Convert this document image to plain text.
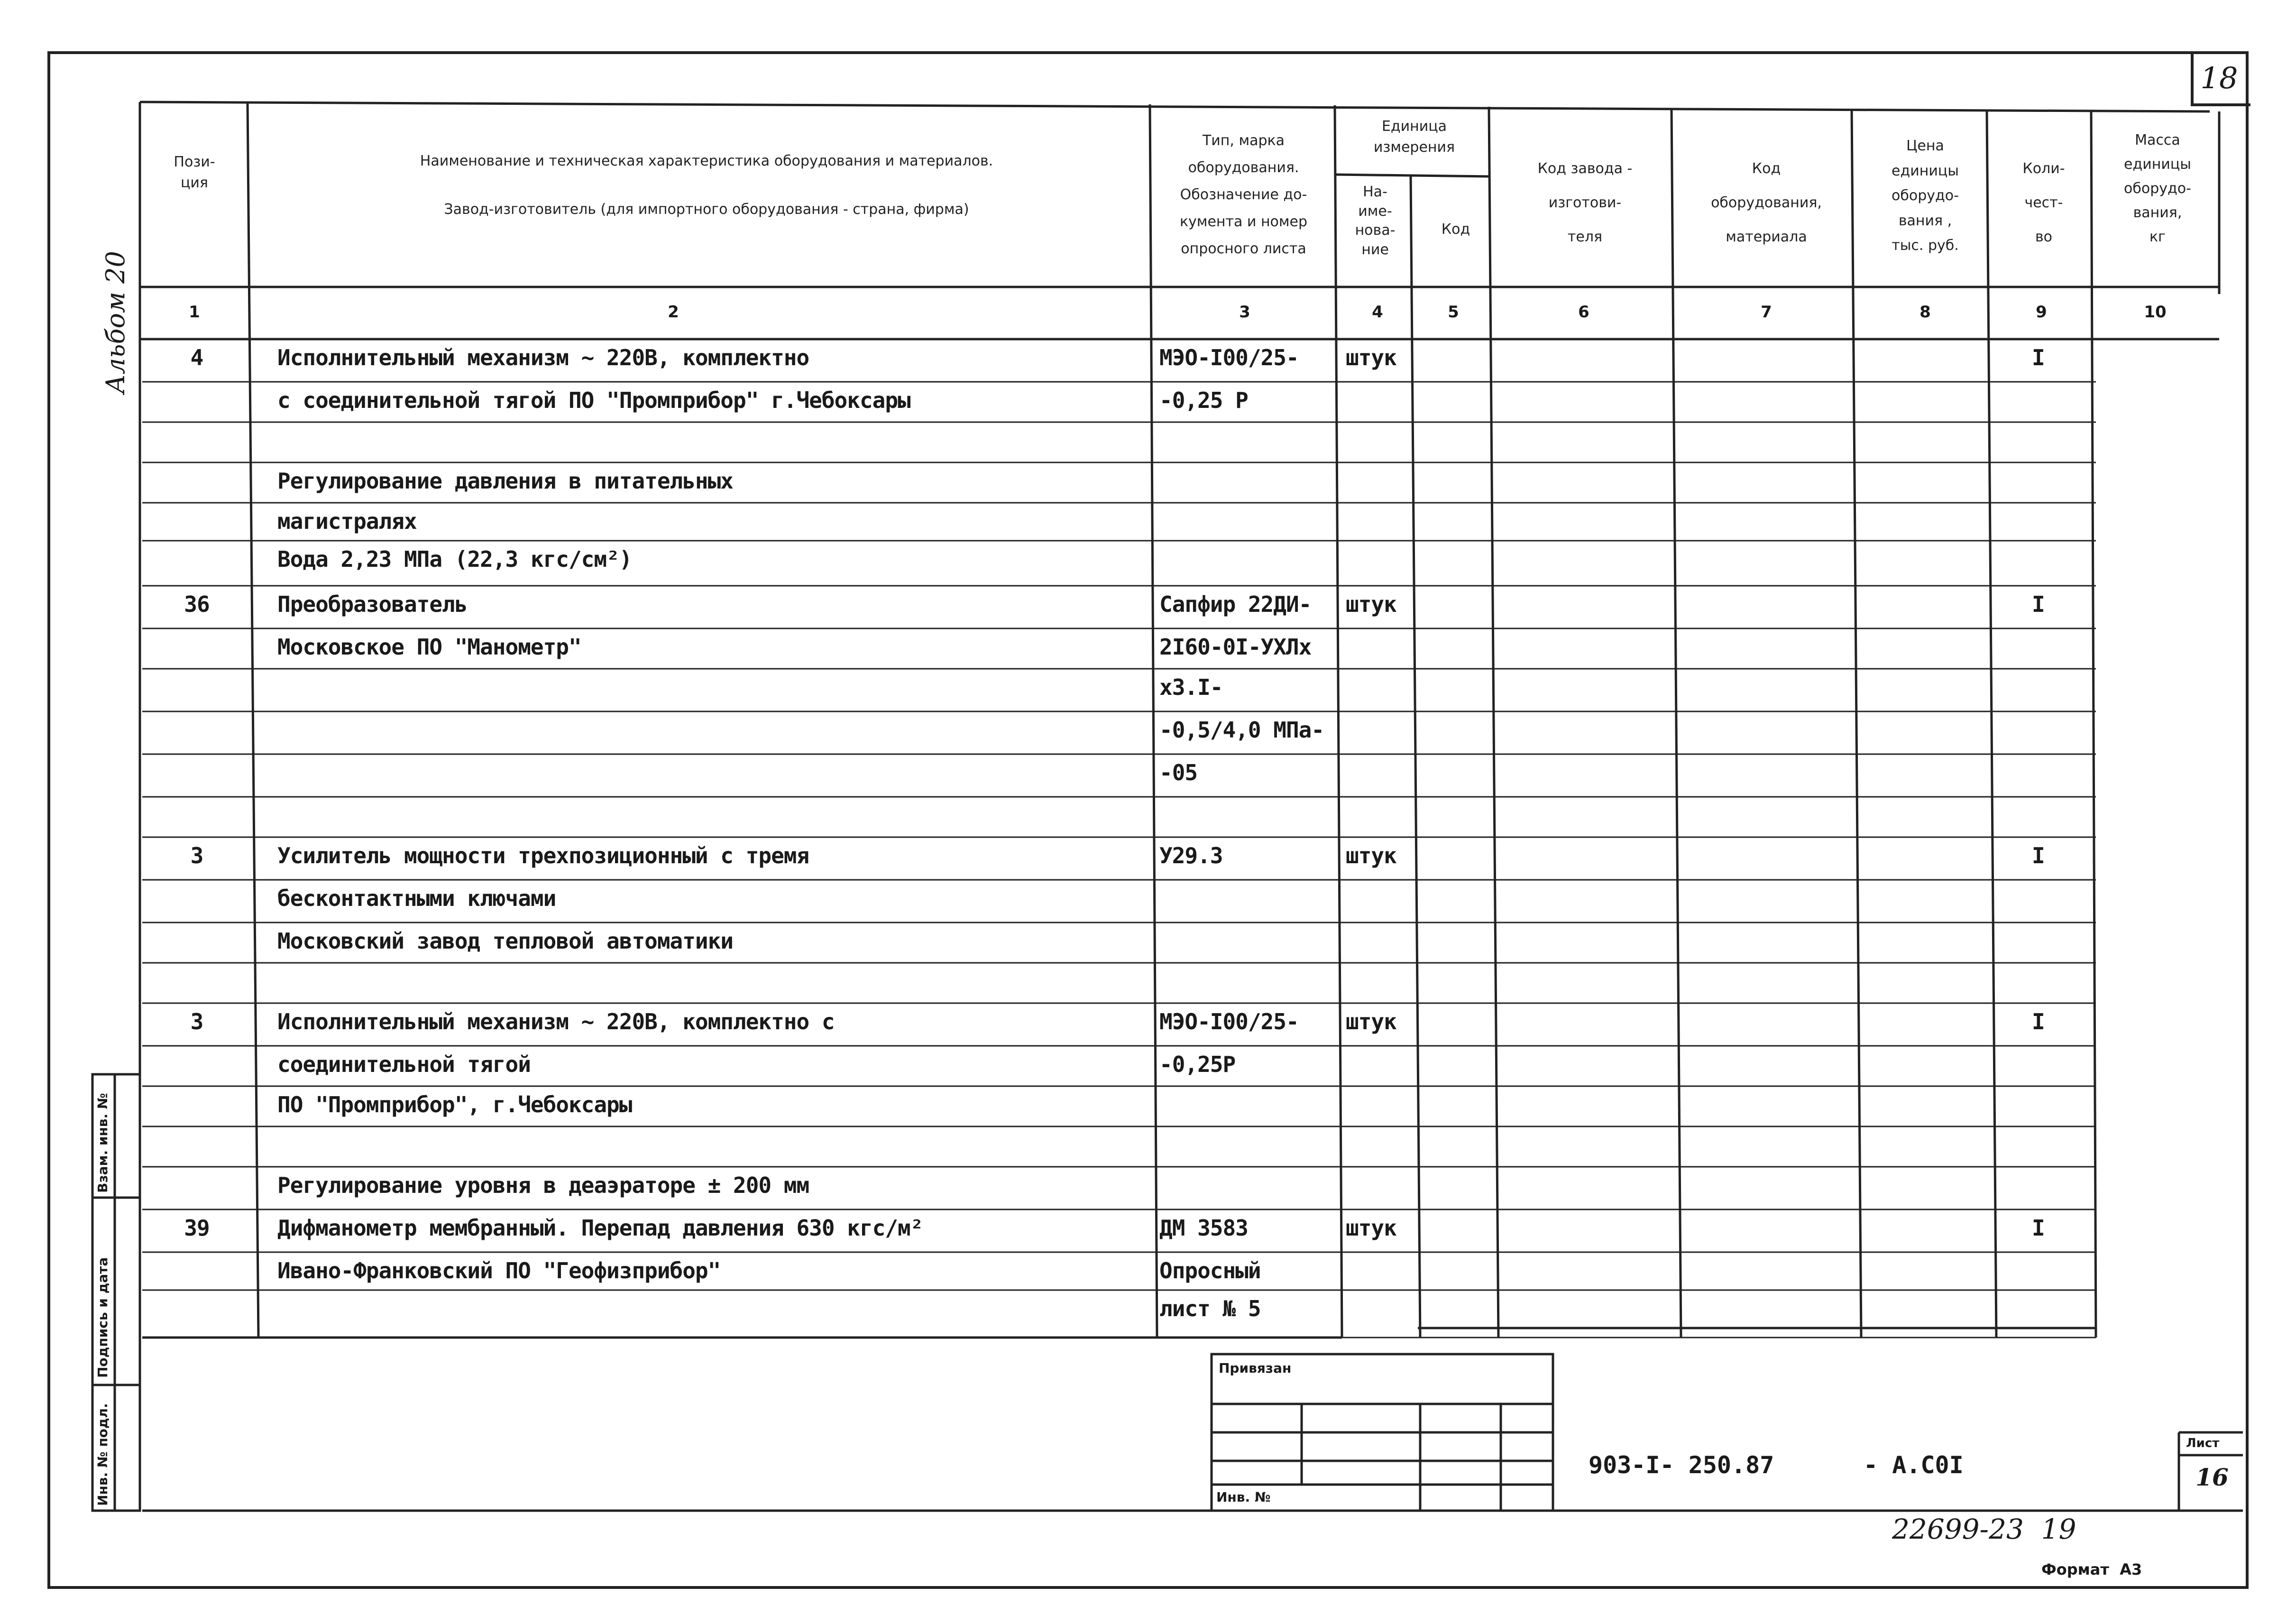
18
Альбом 20
Пози-
ция
Наименование и техническая характеристика оборудования и материалов.
Завод-изготовитель (для импортного оборудования - страна, фирма)
Тип, марка
оборудования.
Обозначение до-
кумента и номер
опросного листа
Единица
измерения
На-
име-
нова-
ние
Код
Код завода -
изготови-
теля
Код
оборудования,
материала
Цена
единицы
оборудо-
вания ,
тыс. руб.
Коли-
чест-
во
Масса
единицы
оборудо-
вания,
кг
1	2	3	4	5	6	7	8	9	10
4	Исполнительный механизм ~ 220В, комплектно	МЭО-I00/25- штук	I
с соединительной тягой ПО "Промприбор" г.Чебоксары	-0,25 Р
Регулирование давления в питательных
магистралях
Вода 2,23 МПа (22,3 кгс/см²)
36	Преобразователь	Сапфир 22ДИ- штук	I
Московское ПО "Манометр"	2I60-0I-УХЛх
х3.I-
-0,5/4,0 МПа-
-05
3	Усилитель мощности трехпозиционный с тремя	У29.3	штук	I
бесконтактными ключами
Московский завод тепловой автоматики
3	Исполнительный механизм ~ 220В, комплектно с	МЭО-I00/25- штук	I
соединительной тягой	-0,25Р
ПО "Промприбор", г.Чебоксары
Регулирование уровня в деаэраторе ± 200 мм
39	Дифманометр мембранный. Перепад давления 630 кгс/м²	ДМ 3583	штук	I
Ивано-Франковский ПО "Геофизприбор"	Опросный
лист № 5
Инв. № подл.
Подпись и дата
Взам. инв. №
Привязан
Инв. №
903-I- 250.87	- А.С0I
Лист
16
22699-23  19
Формат  А3
